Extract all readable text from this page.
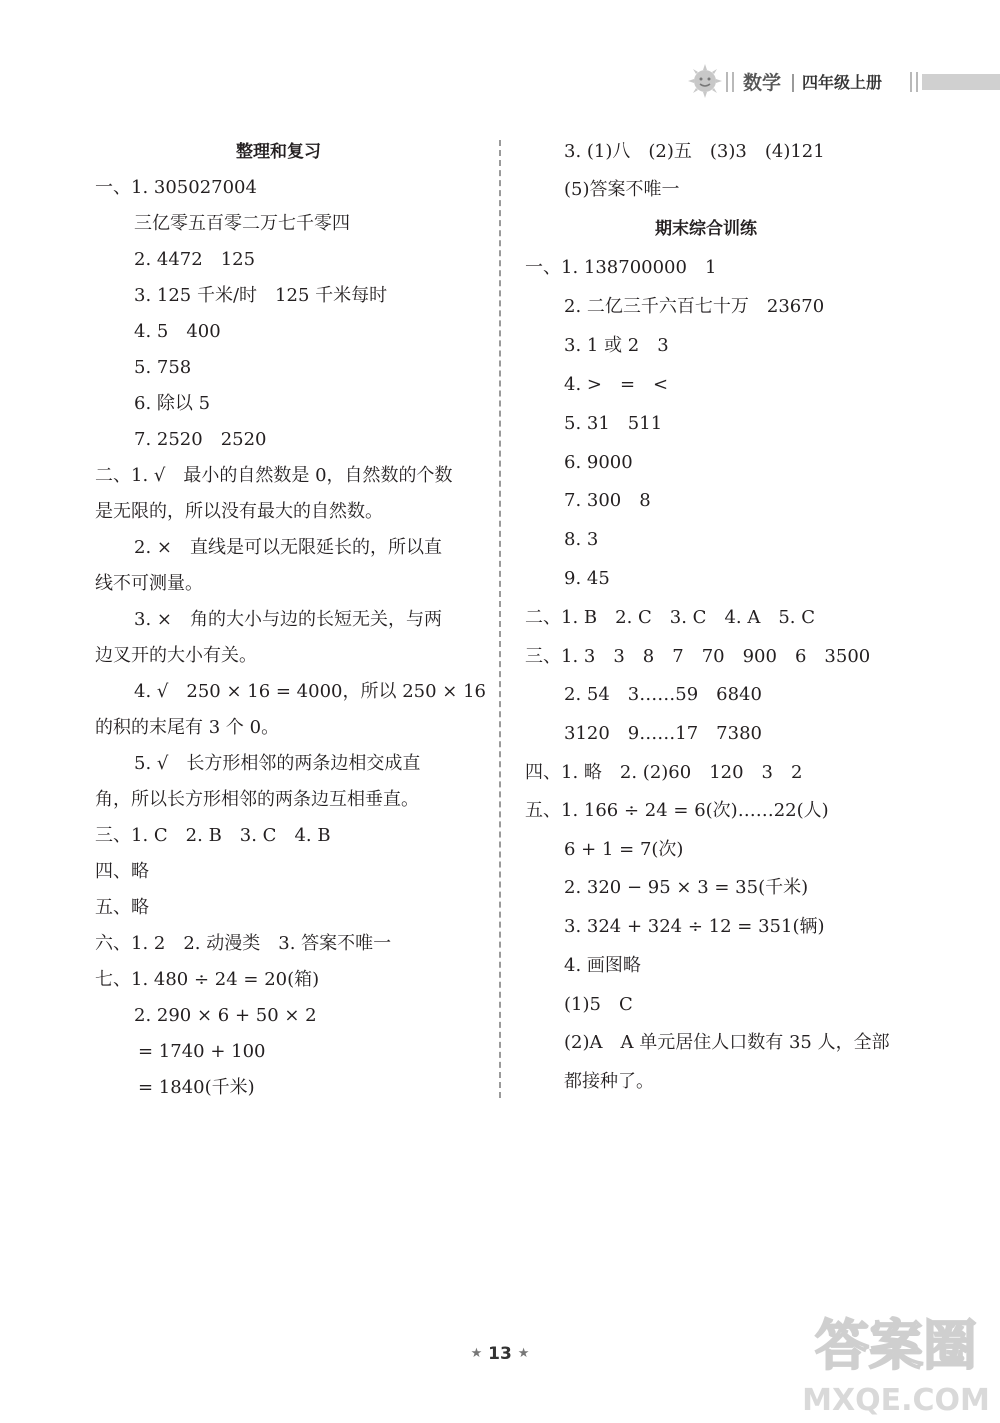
数学 四年级上册
整理和复习
一、1. 305027004
三亿零五百零二万七千零四
2. 4472　125
3. 125 千米/时　125 千米每时
4. 5　400
5. 758
6. 除以 5
7. 2520　2520
二、1. √　最小的自然数是 0，自然数的个数
是无限的，所以没有最大的自然数。
2. ×　直线是可以无限延长的，所以直
线不可测量。
3. ×　角的大小与边的长短无关，与两
边叉开的大小有关。
4. √　250 × 16 = 4000，所以 250 × 16
的积的末尾有 3 个 0。
5. √　长方形相邻的两条边相交成直
角，所以长方形相邻的两条边互相垂直。
三、1. C　2. B　3. C　4. B
四、略
五、略
六、1. 2　2. 动漫类　3. 答案不唯一
七、1. 480 ÷ 24 = 20(箱)
2. 290 × 6 + 50 × 2
= 1740 + 100
= 1840(千米)
3. (1)八　(2)五　(3)3　(4)121
(5)答案不唯一
期末综合训练
一、1. 138700000　1
2. 二亿三千六百七十万　23670
3. 1 或 2　3
4. >　=　<
5. 31　511
6. 9000
7. 300　8
8. 3
9. 45
二、1. B　2. C　3. C　4. A　5. C
三、1. 3　3　8　7　70　900　6　3500
2. 54　3……59　6840
3120　9……17　7380
四、1. 略　2. (2)60　120　3　2
五、1. 166 ÷ 24 = 6(次)……22(人)
6 + 1 = 7(次)
2. 320 − 95 × 3 = 35(千米)
3. 324 + 324 ÷ 12 = 351(辆)
4. 画图略
(1)5　C
(2)A　A 单元居住人口数有 35 人，全部
都接种了。
★ 13 ★	答案圈
MXQE.COM
